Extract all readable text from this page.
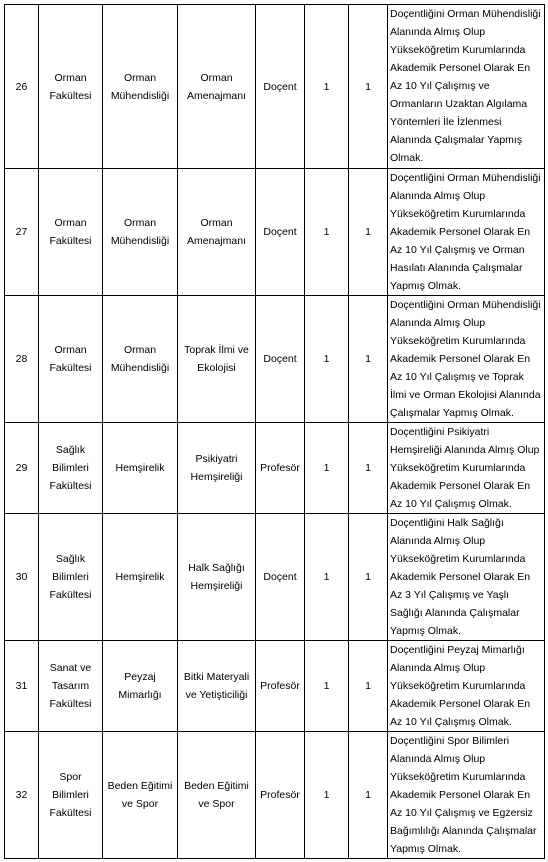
26	Orman Fakültesi	Orman Mühendisliği	Orman Amenajmanı	Doçent	1	1	Doçentliğini Orman Mühendisliği Alanında Almış Olup Yükseköğretim Kurumlarında Akademik Personel Olarak En Az 10 Yıl Çalışmış ve Ormanların Uzaktan Algılama Yöntemleri İle İzlenmesi Alanında Çalışmalar Yapmış Olmak.
27	Orman Fakültesi	Orman Mühendisliği	Orman Amenajmanı	Doçent	1	1	Doçentliğini Orman Mühendisliği Alanında Almış Olup Yükseköğretim Kurumlarında Akademik Personel Olarak En Az 10 Yıl Çalışmış ve Orman Hasılatı Alanında Çalışmalar Yapmış Olmak.
28	Orman Fakültesi	Orman Mühendisliği	Toprak İlmi ve Ekolojisi	Doçent	1	1	Doçentliğini Orman Mühendisliği Alanında Almış Olup Yükseköğretim Kurumlarında Akademik Personel Olarak En Az 10 Yıl Çalışmış ve Toprak İlmi ve Orman Ekolojisi Alanında Çalışmalar Yapmış Olmak.
29	Sağlık Bilimleri Fakültesi	Hemşirelik	Psikiyatri Hemşireliği	Profesör	1	1	Doçentliğini Psikiyatri Hemşireliği Alanında Almış Olup Yükseköğretim Kurumlarında Akademik Personel Olarak En Az 10 Yıl Çalışmış Olmak.
30	Sağlık Bilimleri Fakültesi	Hemşirelik	Halk Sağlığı Hemşireliği	Doçent	1	1	Doçentliğini Halk Sağlığı Alanında Almış Olup Yükseköğretim Kurumlarında Akademik Personel Olarak En Az 3 Yıl Çalışmış ve Yaşlı Sağlığı Alanında Çalışmalar Yapmış Olmak.
31	Sanat ve Tasarım Fakültesi	Peyzaj Mimarlığı	Bitki Materyali ve Yetişticiliği	Profesör	1	1	Doçentliğini Peyzaj Mimarlığı Alanında Almış Olup Yükseköğretim Kurumlarında Akademik Personel Olarak En Az 10 Yıl Çalışmış Olmak.
32	Spor Bilimleri Fakültesi	Beden Eğitimi ve Spor	Beden Eğitimi ve Spor	Profesör	1	1	Doçentliğini Spor Bilimleri Alanında Almış Olup Yükseköğretim Kurumlarında Akademik Personel Olarak En Az 10 Yıl Çalışmış ve Egzersiz Bağımlılığı Alanında Çalışmalar Yapmış Olmak.
